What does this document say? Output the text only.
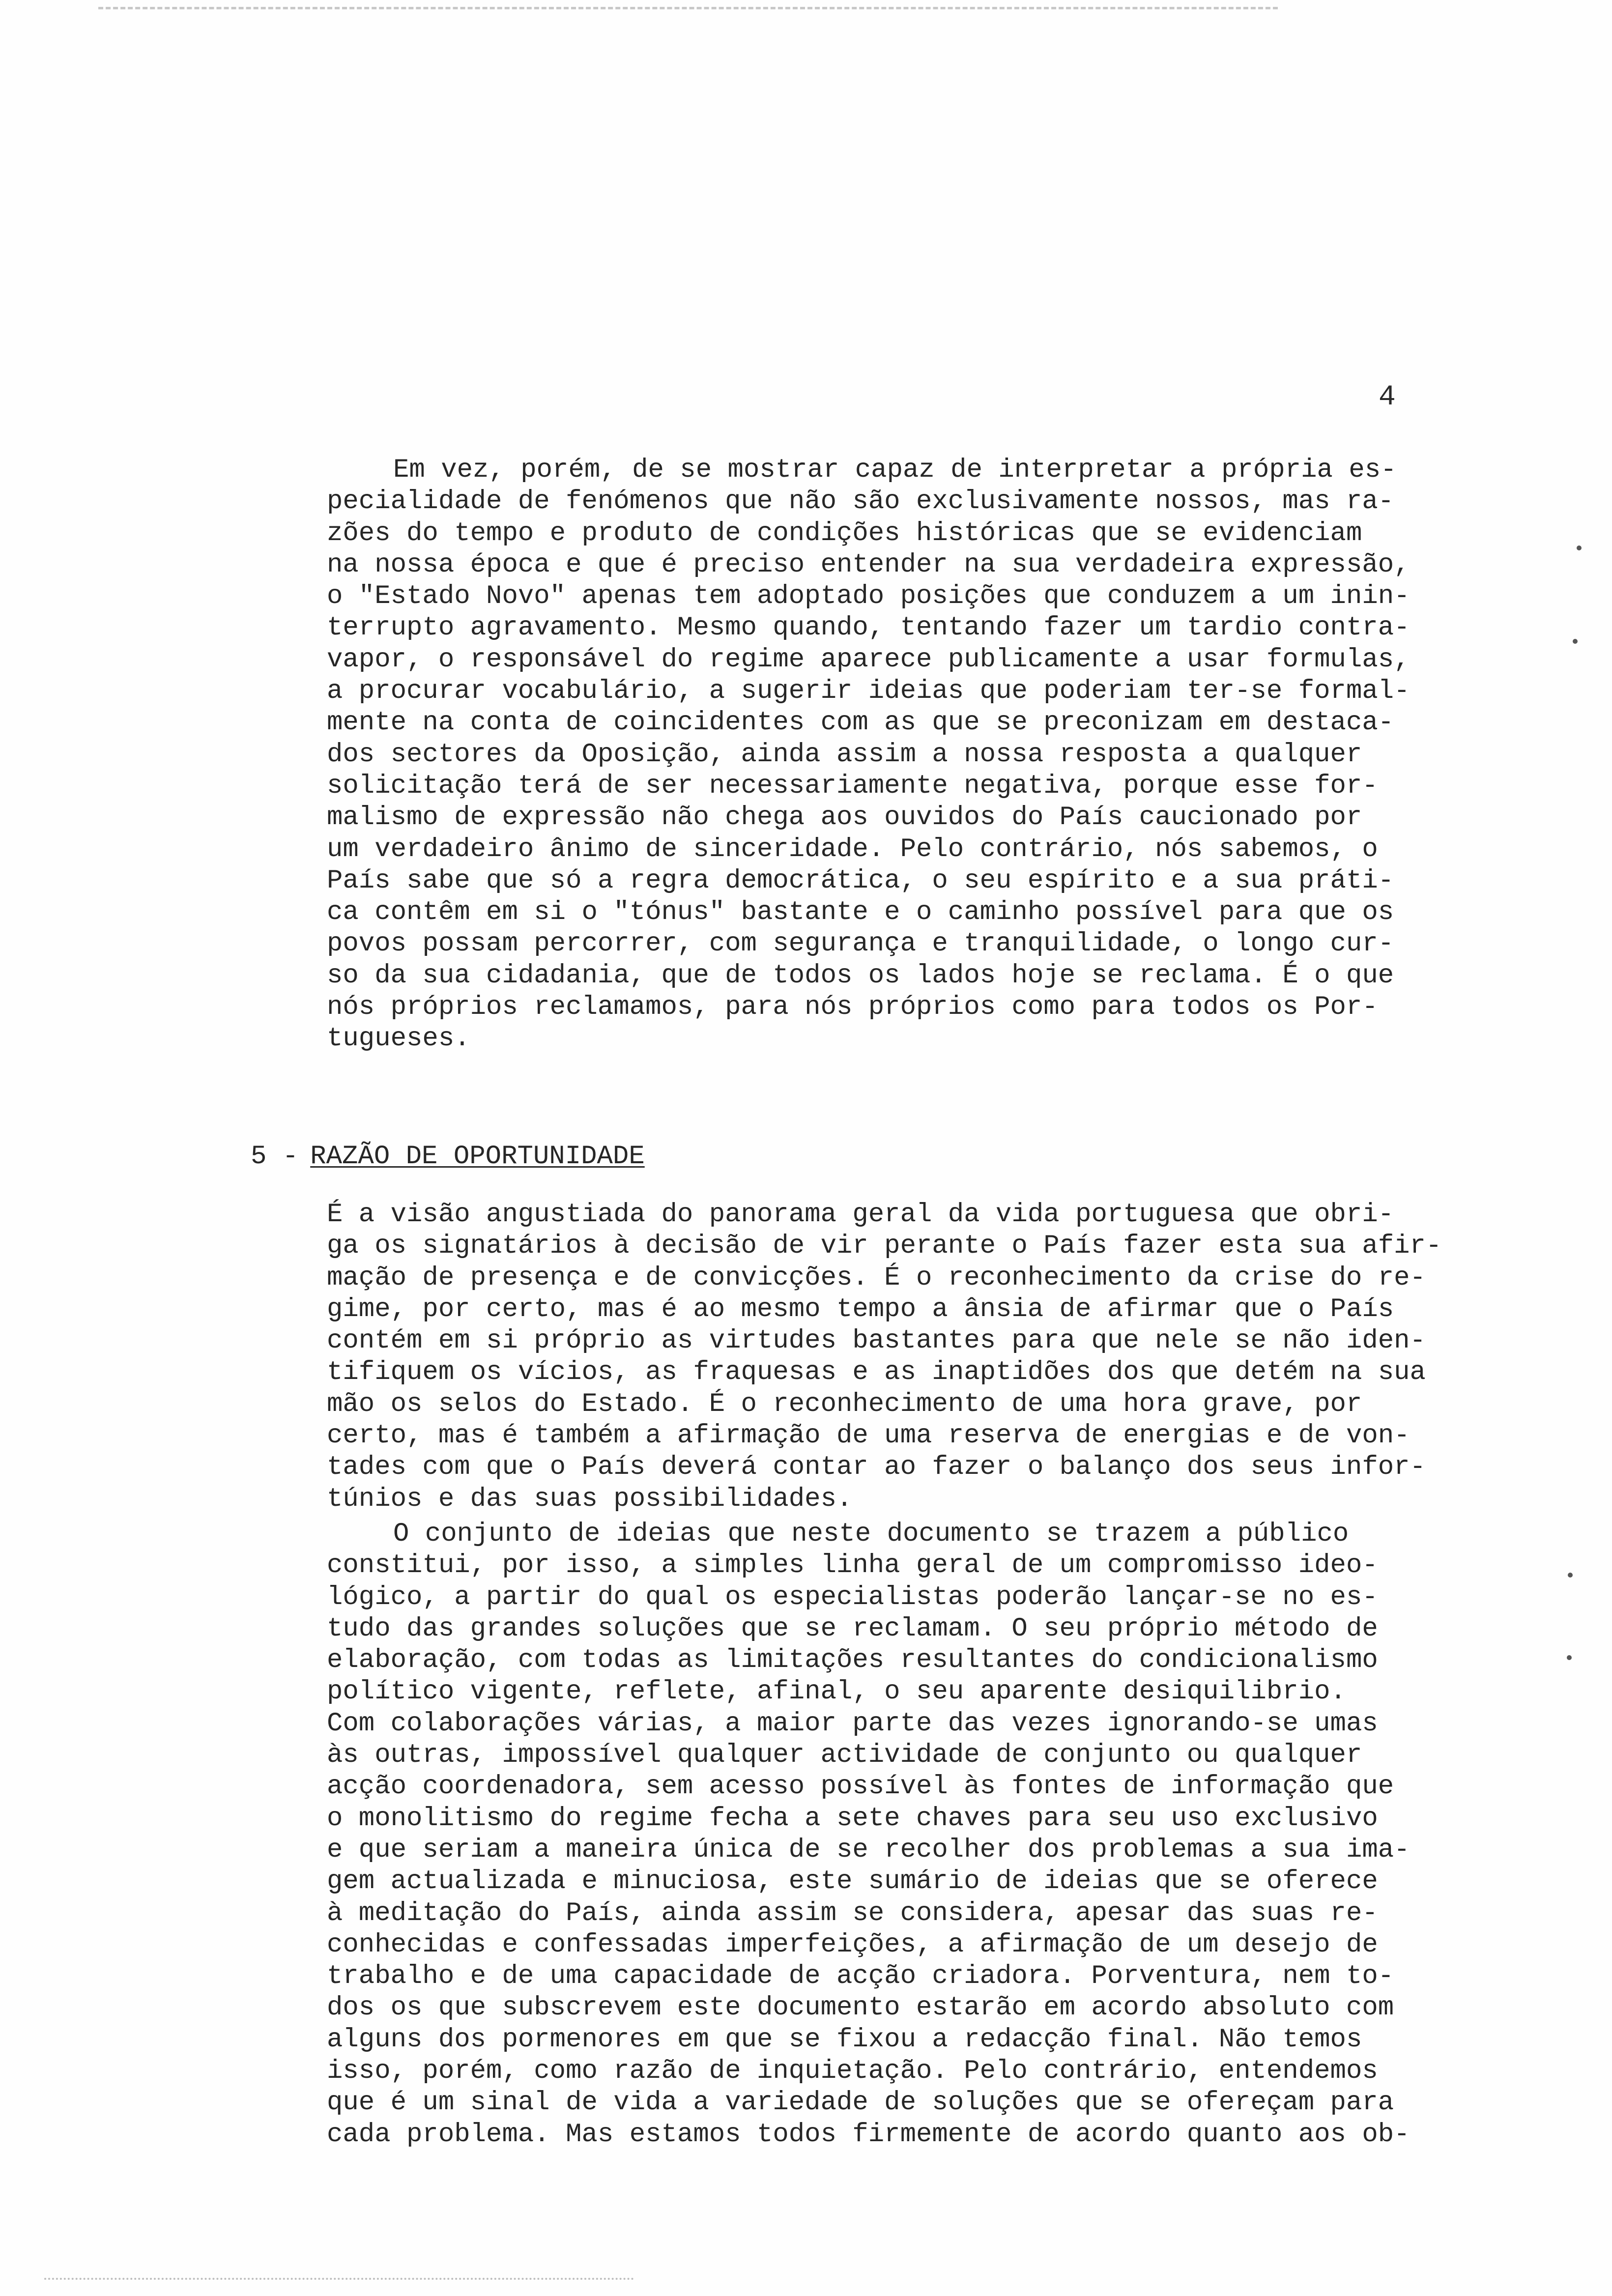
4
Em vez, porém, de se mostrar capaz de interpretar a própria es-
pecialidade de fenómenos que não são exclusivamente nossos, mas ra-
zões do tempo e produto de condições históricas que se evidenciam
na nossa época e que é preciso entender na sua verdadeira expressão,
o "Estado Novo" apenas tem adoptado posições que conduzem a um inin-
terrupto agravamento. Mesmo quando, tentando fazer um tardio contra-
vapor, o responsável do regime aparece publicamente a usar formulas,
a procurar vocabulário, a sugerir ideias que poderiam ter-se formal-
mente na conta de coincidentes com as que se preconizam em destaca-
dos sectores da Oposição, ainda assim a nossa resposta a qualquer
solicitação terá de ser necessariamente negativa, porque esse for-
malismo de expressão não chega aos ouvidos do País caucionado por
um verdadeiro ânimo de sinceridade. Pelo contrário, nós sabemos, o
País sabe que só a regra democrática, o seu espírito e a sua práti-
ca contêm em si o "tónus" bastante e o caminho possível para que os
povos possam percorrer, com segurança e tranquilidade, o longo cur-
so da sua cidadania, que de todos os lados hoje se reclama. É o que
nós próprios reclamamos, para nós próprios como para todos os Por-
tugueses.
5 - RAZÃO DE OPORTUNIDADE
É a visão angustiada do panorama geral da vida portuguesa que obri-
ga os signatários à decisão de vir perante o País fazer esta sua afir-
mação de presença e de convicções. É o reconhecimento da crise do re-
gime, por certo, mas é ao mesmo tempo a ânsia de afirmar que o País
contém em si próprio as virtudes bastantes para que nele se não iden-
tifiquem os vícios, as fraquesas e as inaptidões dos que detém na sua
mão os selos do Estado. É o reconhecimento de uma hora grave, por
certo, mas é também a afirmação de uma reserva de energias e de von-
tades com que o País deverá contar ao fazer o balanço dos seus infor-
túnios e das suas possibilidades.
O conjunto de ideias que neste documento se trazem a público
constitui, por isso, a simples linha geral de um compromisso ideo-
lógico, a partir do qual os especialistas poderão lançar-se no es-
tudo das grandes soluções que se reclamam. O seu próprio método de
elaboração, com todas as limitações resultantes do condicionalismo
político vigente, reflete, afinal, o seu aparente desiquilibrio.
Com colaborações várias, a maior parte das vezes ignorando-se umas
às outras, impossível qualquer actividade de conjunto ou qualquer
acção coordenadora, sem acesso possível às fontes de informação que
o monolitismo do regime fecha a sete chaves para seu uso exclusivo
e que seriam a maneira única de se recolher dos problemas a sua ima-
gem actualizada e minuciosa, este sumário de ideias que se oferece
à meditação do País, ainda assim se considera, apesar das suas re-
conhecidas e confessadas imperfeições, a afirmação de um desejo de
trabalho e de uma capacidade de acção criadora. Porventura, nem to-
dos os que subscrevem este documento estarão em acordo absoluto com
alguns dos pormenores em que se fixou a redacção final. Não temos
isso, porém, como razão de inquietação. Pelo contrário, entendemos
que é um sinal de vida a variedade de soluções que se ofereçam para
cada problema. Mas estamos todos firmemente de acordo quanto aos ob-
